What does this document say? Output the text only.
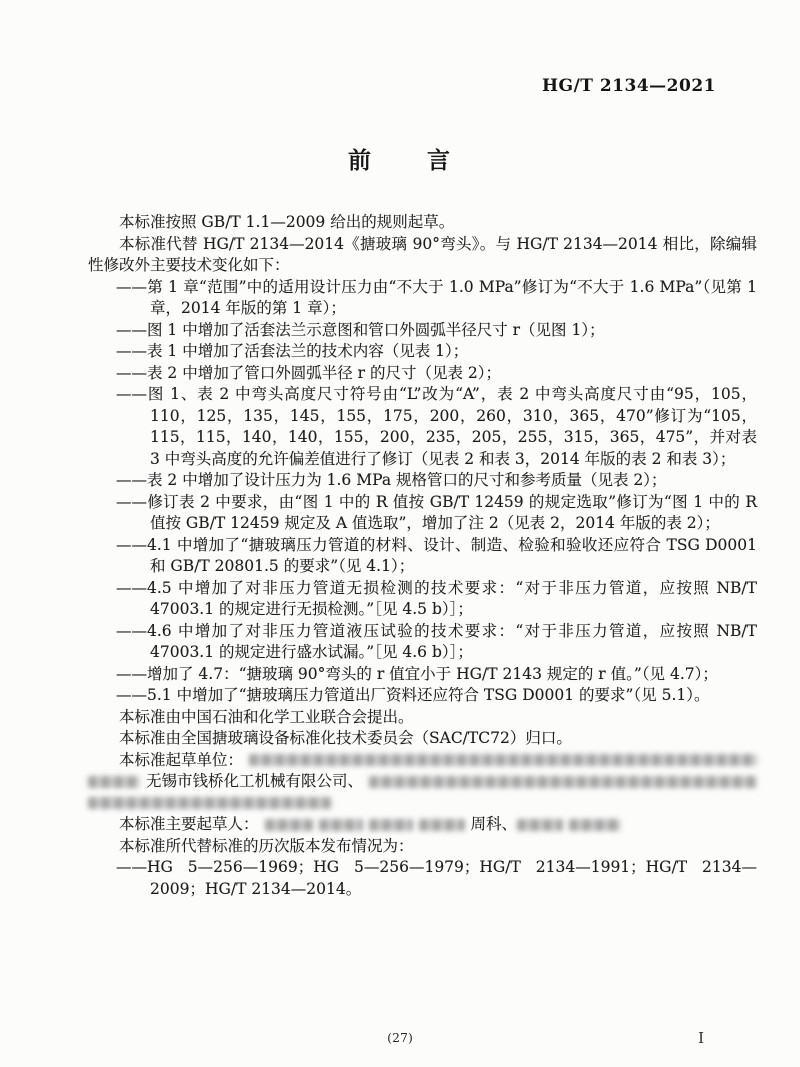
HG/T 2134—2021
前 言
本标准按照 GB/T 1.1—2009 给出的规则起草。
本标准代替 HG/T 2134—2014《搪玻璃 90°弯头》。与 HG/T 2134—2014 相比，除编辑性修改外主要技术变化如下：
——第 1 章“范围”中的适用设计压力由“不大于 1.0 MPa”修订为“不大于 1.6 MPa”（见第 1 章，2014 年版的第 1 章）；
——图 1 中增加了活套法兰示意图和管口外圆弧半径尺寸 r（见图 1）；
——表 1 中增加了活套法兰的技术内容（见表 1）；
——表 2 中增加了管口外圆弧半径 r 的尺寸（见表 2）；
——图 1、表 2 中弯头高度尺寸符号由“L”改为“A”，表 2 中弯头高度尺寸由“95，105，110，125，135，145，155，175，200，260，310，365，470”修订为“105，115，115，140，140，155，200，235，205，255，315，365，475”，并对表 3 中弯头高度的允许偏差值进行了修订（见表 2 和表 3，2014 年版的表 2 和表 3）；
——表 2 中增加了设计压力为 1.6 MPa 规格管口的尺寸和参考质量（见表 2）；
——修订表 2 中要求，由“图 1 中的 R 值按 GB/T 12459 的规定选取”修订为“图 1 中的 R 值按 GB/T 12459 规定及 A 值选取”，增加了注 2（见表 2，2014 年版的表 2）；
——4.1 中增加了“搪玻璃压力管道的材料、设计、制造、检验和验收还应符合 TSG D0001 和 GB/T 20801.5 的要求”（见 4.1）；
——4.5 中增加了对非压力管道无损检测的技术要求：“对于非压力管道，应按照 NB/T 47003.1 的规定进行无损检测。”［见 4.5 b）］；
——4.6 中增加了对非压力管道液压试验的技术要求：“对于非压力管道，应按照 NB/T 47003.1 的规定进行盛水试漏。”［见 4.6 b）］；
——增加了 4.7：“搪玻璃 90°弯头的 r 值宜小于 HG/T 2143 规定的 r 值。”（见 4.7）；
——5.1 中增加了“搪玻璃压力管道出厂资料还应符合 TSG D0001 的要求”（见 5.1）。
本标准由中国石油和化学工业联合会提出。
本标准由全国搪玻璃设备标准化技术委员会（SAC/TC72）归口。
本标准起草单位：
无锡市钱桥化工机械有限公司、
本标准主要起草人：	周科、
本标准所代替标准的历次版本发布情况为：
——HG 5—256—1969；HG 5—256—1979；HG/T 2134—1991；HG/T 2134—2009；HG/T 2134—2014。
(27)	I
